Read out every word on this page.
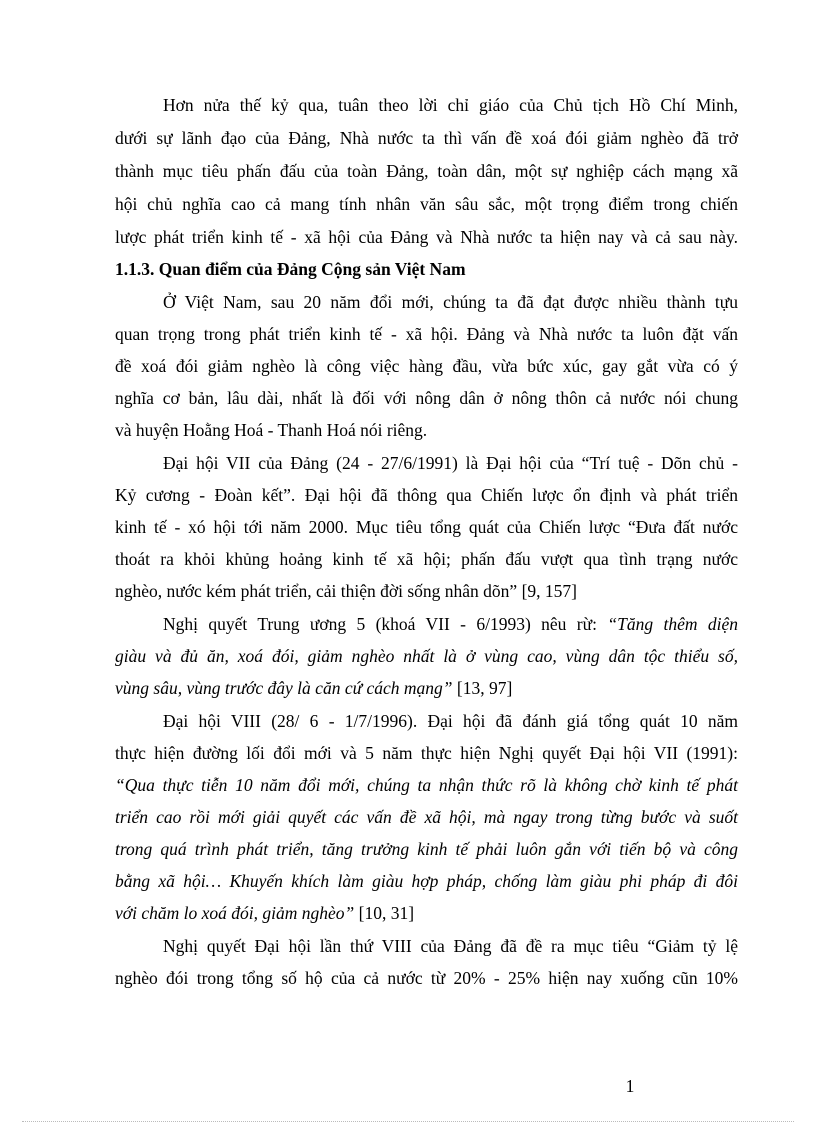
Hơn nửa thế kỷ qua, tuân theo lời chỉ giáo của Chủ tịch Hồ Chí Minh,
dưới sự lãnh đạo của Đảng, Nhà nước ta thì vấn đề xoá đói giảm nghèo đã trở
thành mục tiêu phấn đấu của toàn Đảng, toàn dân, một sự nghiệp cách mạng xã
hội chủ nghĩa cao cả mang tính nhân văn sâu sắc, một trọng điểm trong chiến
lược phát triển kinh tế - xã hội của Đảng và Nhà nước ta hiện nay và cả sau này.
1.1.3. Quan điểm của Đảng Cộng sản Việt Nam
Ở Việt Nam, sau 20 năm đổi mới, chúng ta đã đạt được nhiều thành tựu
quan trọng trong phát triển kinh tế - xã hội. Đảng và Nhà nước ta luôn đặt vấn
đề xoá đói giảm nghèo là công việc hàng đầu, vừa bức xúc, gay gắt vừa có ý
nghĩa cơ bản, lâu dài, nhất là đối với nông dân ở nông thôn cả nước nói chung
và huyện Hoằng Hoá - Thanh Hoá nói riêng.
Đại hội VII của Đảng (24 - 27/6/1991) là Đại hội của “Trí tuệ - Dõn chủ -
Kỷ cương - Đoàn kết”. Đại hội đã thông qua Chiến lược ổn định và phát triển
kinh tế - xó hội tới năm 2000. Mục tiêu tổng quát của Chiến lược “Đưa đất nước
thoát ra khỏi khủng hoảng kinh tế xã hội; phấn đấu vượt qua tình trạng nước
nghèo, nước kém phát triển, cải thiện đời sống nhân dõn” [9, 157]
Nghị quyết Trung ương 5 (khoá VII - 6/1993) nêu rừ: “Tăng thêm diện
giàu và đủ ăn, xoá đói, giảm nghèo nhất là ở vùng cao, vùng dân tộc thiểu số,
vùng sâu, vùng trước đây là căn cứ cách mạng” [13, 97]
Đại hội VIII (28/ 6 - 1/7/1996). Đại hội đã đánh giá tổng quát 10 năm
thực hiện đường lối đổi mới và 5 năm thực hiện Nghị quyết Đại hội VII (1991):
“Qua thực tiễn 10 năm đổi mới, chúng ta nhận thức rõ là không chờ kinh tế phát
triển cao rồi mới giải quyết các vấn đề xã hội, mà ngay trong từng bước và suốt
trong quá trình phát triển, tăng trưởng kinh tế phải luôn gắn với tiến bộ và công
bằng xã hội… Khuyến khích làm giàu hợp pháp, chống làm giàu phi pháp đi đôi
với chăm lo xoá đói, giảm nghèo” [10, 31]
Nghị quyết Đại hội lần thứ VIII của Đảng đã đề ra mục tiêu “Giảm tỷ lệ
nghèo đói trong tổng số hộ của cả nước từ 20% - 25% hiện nay xuống cũn 10%
1
